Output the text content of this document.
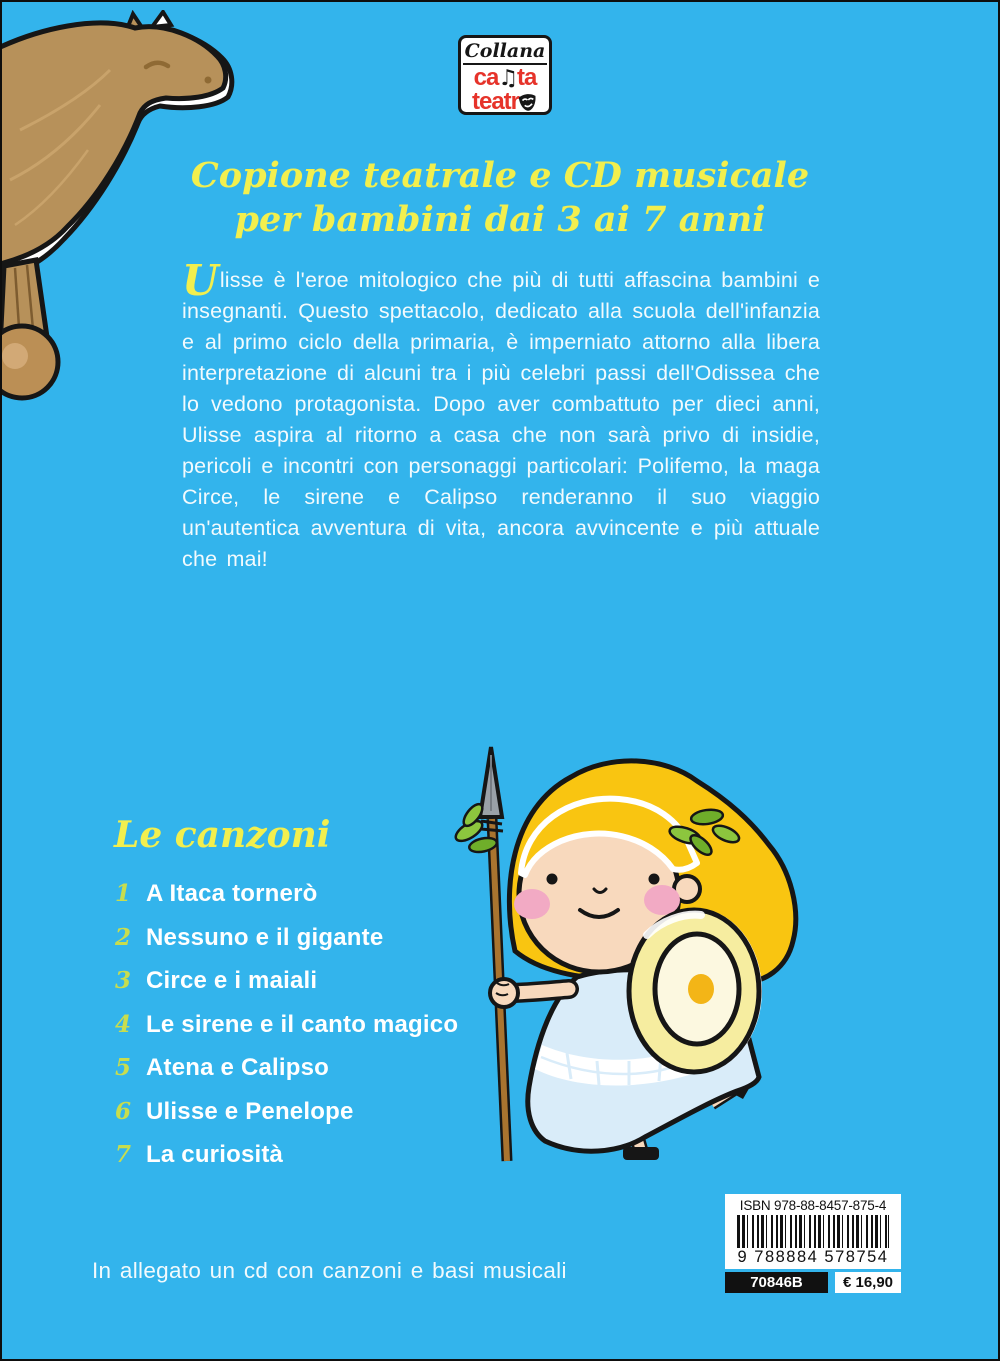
Collana
ca♫ta
teatr
Copione teatrale e CD musicale
per bambini dai 3 ai 7 anni

Ulisse è l'eroe mitologico che più di tutti affascina bambini e insegnanti. Questo spettacolo, dedicato alla scuola dell'infanzia e al primo ciclo della primaria, è imperniato attorno alla libera interpretazione di alcuni tra i più celebri passi dell'Odissea che lo vedono protagonista. Dopo aver combattuto per dieci anni, Ulisse aspira al ritorno a casa che non sarà privo di insidie, pericoli e incontri con personaggi particolari: Polifemo, la maga Circe, le sirene e Calipso renderanno il suo viaggio un'autentica avventura di vita, ancora avvincente e più attuale che mai!

Le canzoni
1 A Itaca tornerò
2 Nessuno e il gigante
3 Circe e i maiali
4 Le sirene e il canto magico
5 Atena e Calipso
6 Ulisse e Penelope
7 La curiosità
In allegato un cd con canzoni e basi musicali
ISBN 978-88-8457-875-4
9 788884 578754
70846B	€ 16,90
